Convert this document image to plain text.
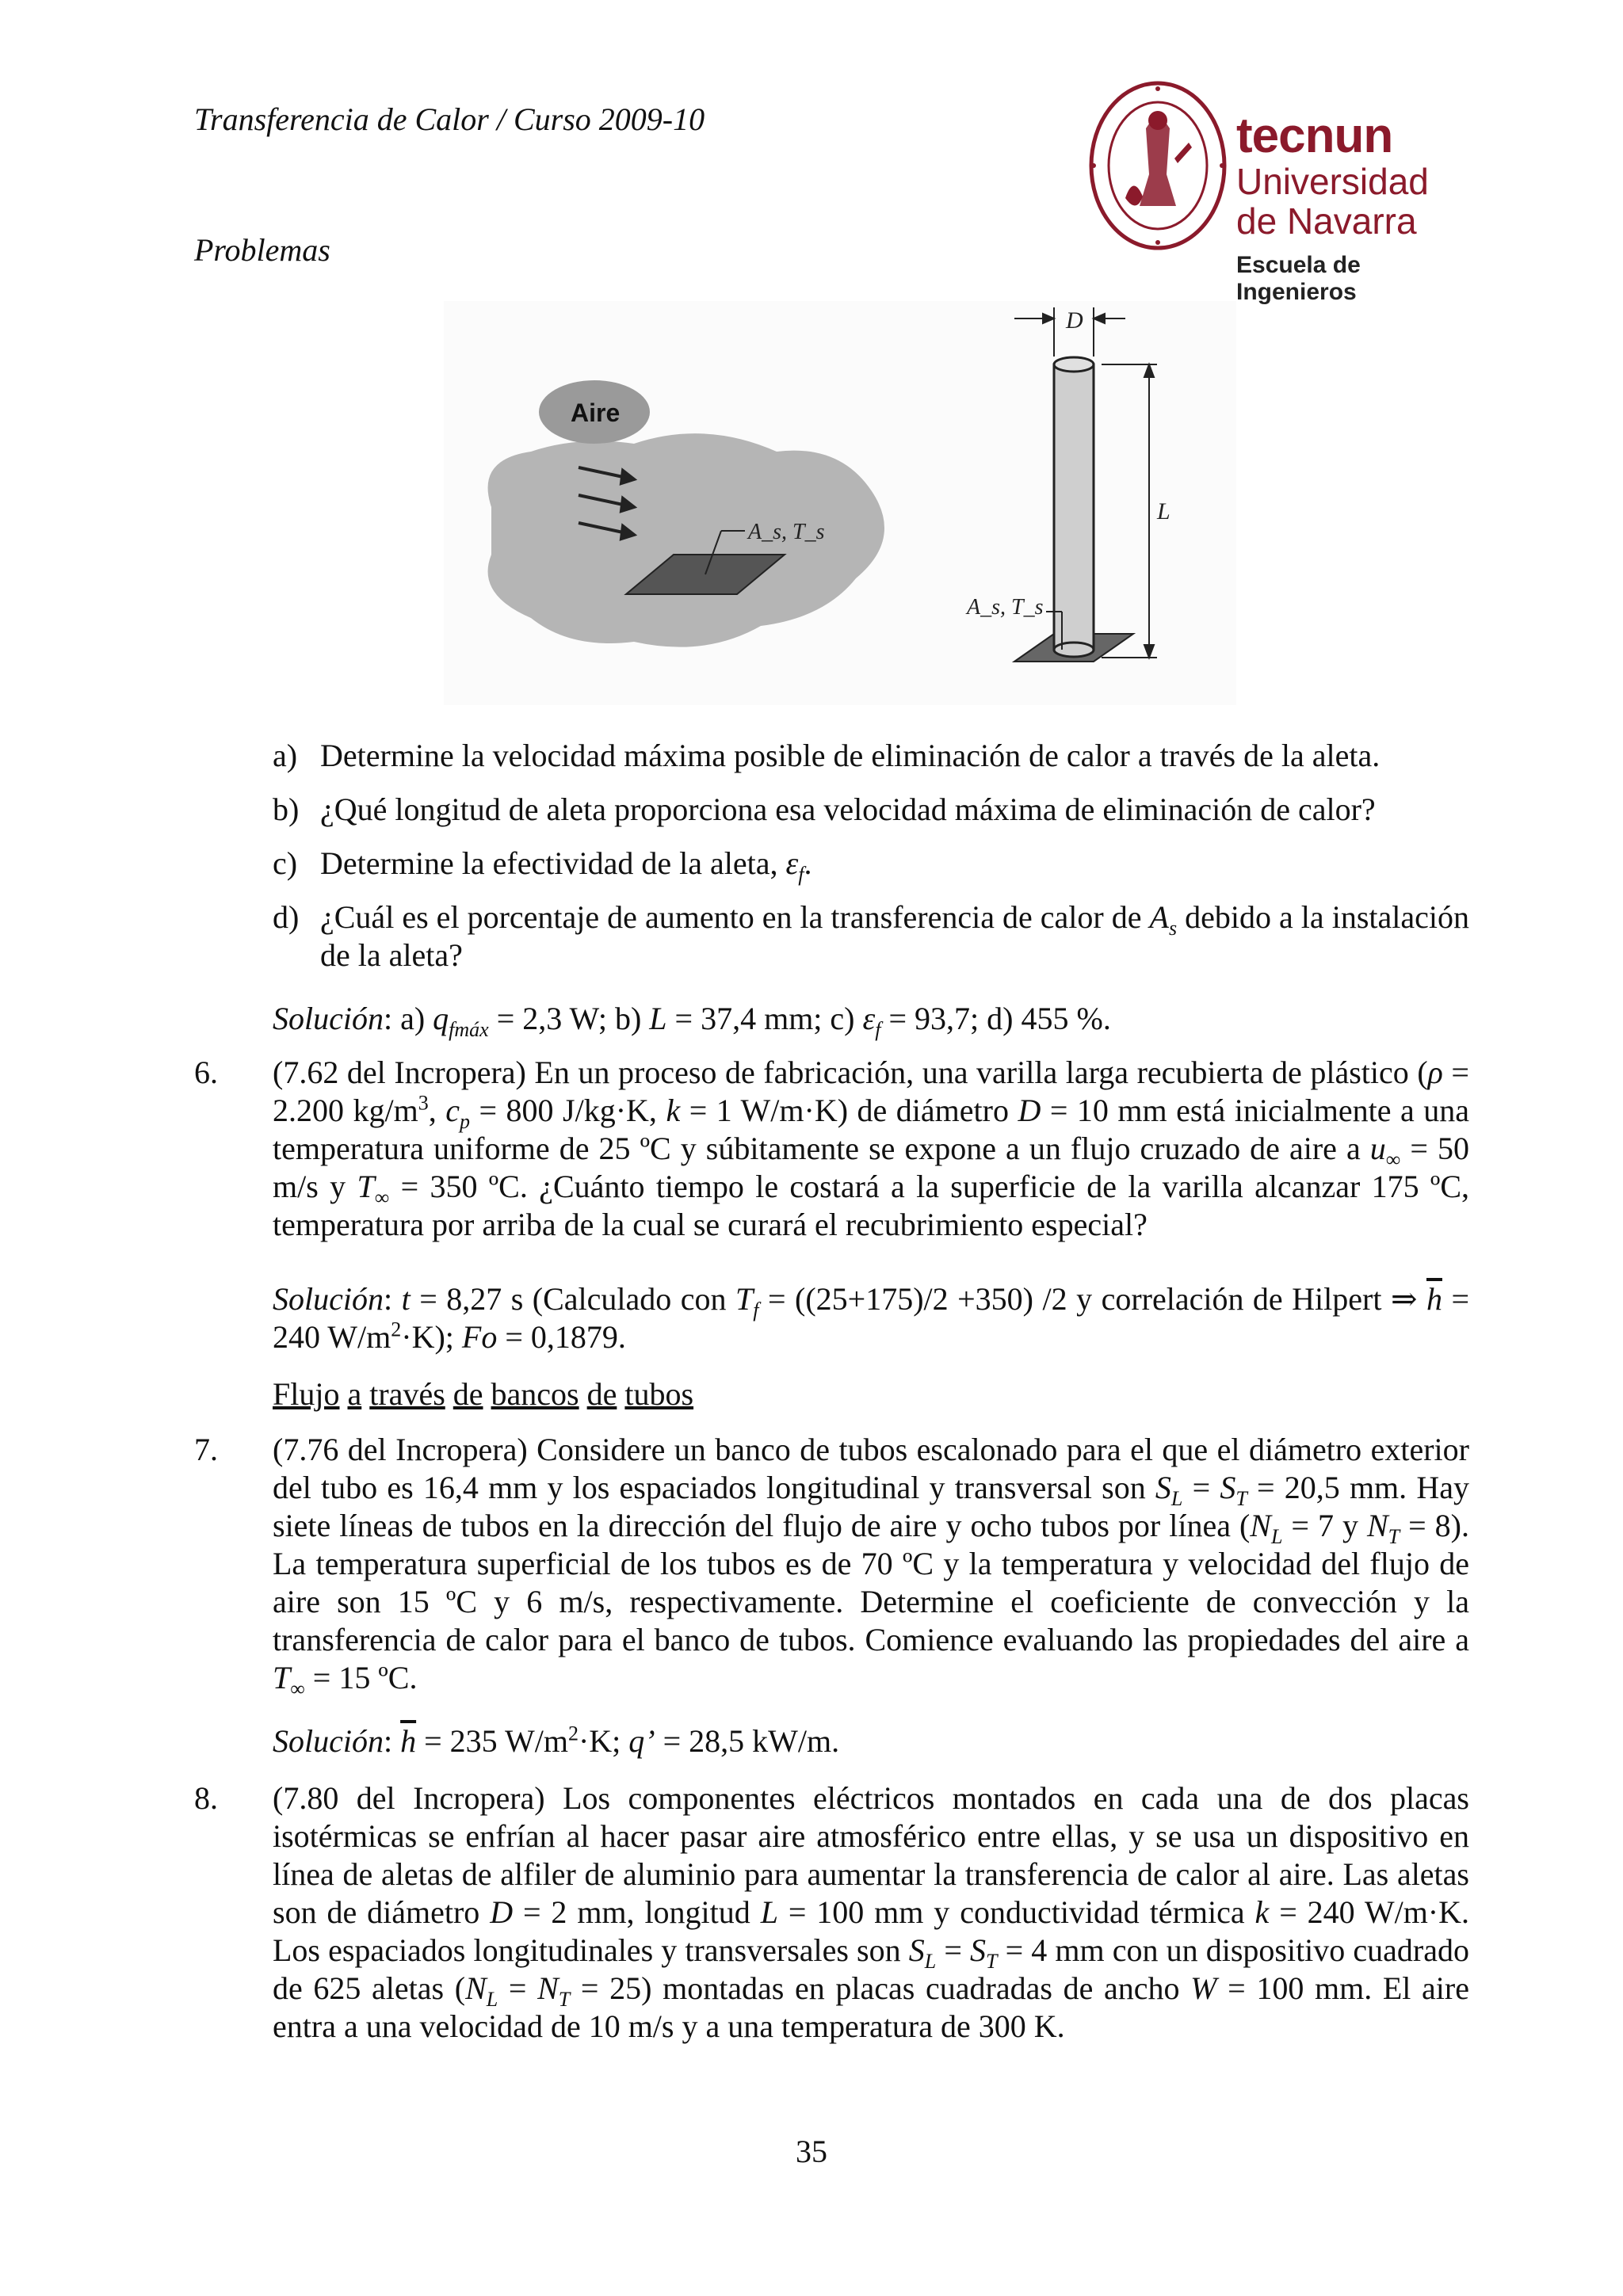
Transferencia de Calor / Curso 2009-10
Problemas
tecnun
Universidad
de Navarra
Escuela de Ingenieros
Aire
A_s, T_s
D
L
A_s, T_s
a) Determine la velocidad máxima posible de eliminación de calor a través de la aleta.
b) ¿Qué longitud de aleta proporciona esa velocidad máxima de eliminación de calor?
c) Determine la efectividad de la aleta, $\varepsilon_f$.
d) ¿Cuál es el porcentaje de aumento en la transferencia de calor de $A_s$ debido a la instalación de la aleta?
Solución: a) $q_{fmáx} = 2,3$ W; b) L = 37,4 mm; c) $\varepsilon_f = 93,7$; d) 455 %.
6. (7.62 del Incropera) En un proceso de fabricación, una varilla larga recubierta de plástico (ρ = 2.200 $kg/m^3$, $c_p = 800$ J/kg·K, k = 1 W/m·K) de diámetro D = 10 mm está inicialmente a una temperatura uniforme de 25 ºC y súbitamente se expone a un flujo cruzado de aire a $u_\infty = 50$ m/s y $T_\infty = 350$ ºC. ¿Cuánto tiempo le costará a la superficie de la varilla alcanzar 175 ºC, temperatura por arriba de la cual se curará el recubrimiento especial?
Solución: t = 8,27 s (Calculado con $T_f = ((25+175)/2 +350)$ /2 y correlación de Hilpert ⇒ $\overline{h} = 240$ $W/m^2\cdot K$); Fo = 0,1879.
Flujo a través de bancos de tubos
7. (7.76 del Incropera) Considere un banco de tubos escalonado para el que el diámetro exterior del tubo es 16,4 mm y los espaciados longitudinal y transversal son $S_L = S_T = 20,5$ mm. Hay siete líneas de tubos en la dirección del flujo de aire y ocho tubos por línea ($N_L = 7$ y $N_T = 8$). La temperatura superficial de los tubos es de 70 ºC y la temperatura y velocidad del flujo de aire son 15 ºC y 6 m/s, respectivamente. Determine el coeficiente de convección y la transferencia de calor para el banco de tubos. Comience evaluando las propiedades del aire a $T_\infty = 15$ ºC.
Solución: $\overline{h} = 235$ $W/m^2\cdot K$; q’ = 28,5 kW/m.
8. (7.80 del Incropera) Los componentes eléctricos montados en cada una de dos placas isotérmicas se enfrían al hacer pasar aire atmosférico entre ellas, y se usa un dispositivo en línea de aletas de alfiler de aluminio para aumentar la transferencia de calor al aire. Las aletas son de diámetro D = 2 mm, longitud L = 100 mm y conductividad térmica k = 240 W/m·K. Los espaciados longitudinales y transversales son $S_L = S_T = 4$ mm con un dispositivo cuadrado de 625 aletas $(N_L = N_T = 25)$ montadas en placas cuadradas de ancho W = 100 mm. El aire entra a una velocidad de 10 m/s y a una temperatura de 300 K.
35
